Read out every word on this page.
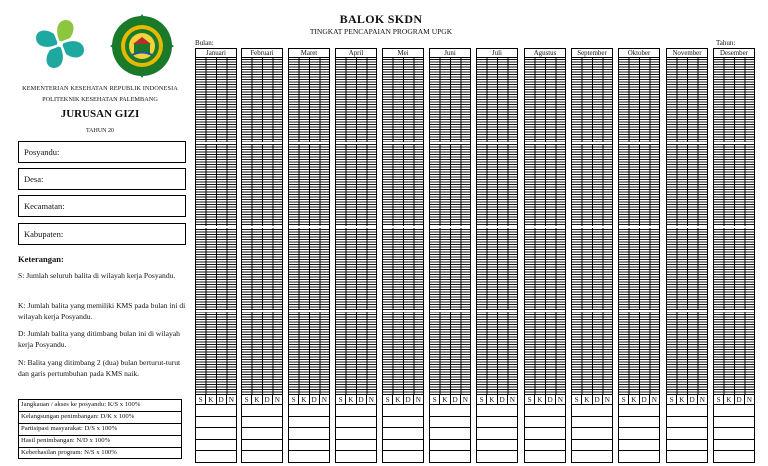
KEMENTERIAN KESEHATAN REPUBLIK INDONESIA
POLITEKNIK KESEHATAN PALEMBANG
JURUSAN GIZI
TAHUN 20
Posyandu:
Desa:
Kecamatan:
Kabupaten:
Keterangan:
S: Jumlah seluruh balita di wilayah kerja Posyandu.
K: Jumlah balita yang memiliki KMS pada bulan ini di wilayah kerja Posyandu.
D: Jumlah balita yang ditimbang bulan ini di wilayah kerja Posyandu.
N: Balita yang ditimbang 2 (dua) bulan berturut-turut dan garis pertumbuhan pada KMS naik.
Jangkauan / akses ke posyandu: K/S x 100%
Kelangsungan penimbangan: D/K x 100%
Partisipasi masyarakat: D/S x 100%
Hasil penimbangan: N/D x 100%
Keberhasilan program: N/S x 100%
BALOK SKDN
TINGKAT PENCAPAIAN PROGRAM UPGK
Bulan:	Tahun:
Januari
S K D N
Februari
S K D N
Maret
S K D N
April
S K D N
Mei
S K D N
Juni
S K D N
Juli
S K D N
Agustus
S K D N
September
S K D N
Oktober
S K D N
November
S K D N
Desember
S K D N
